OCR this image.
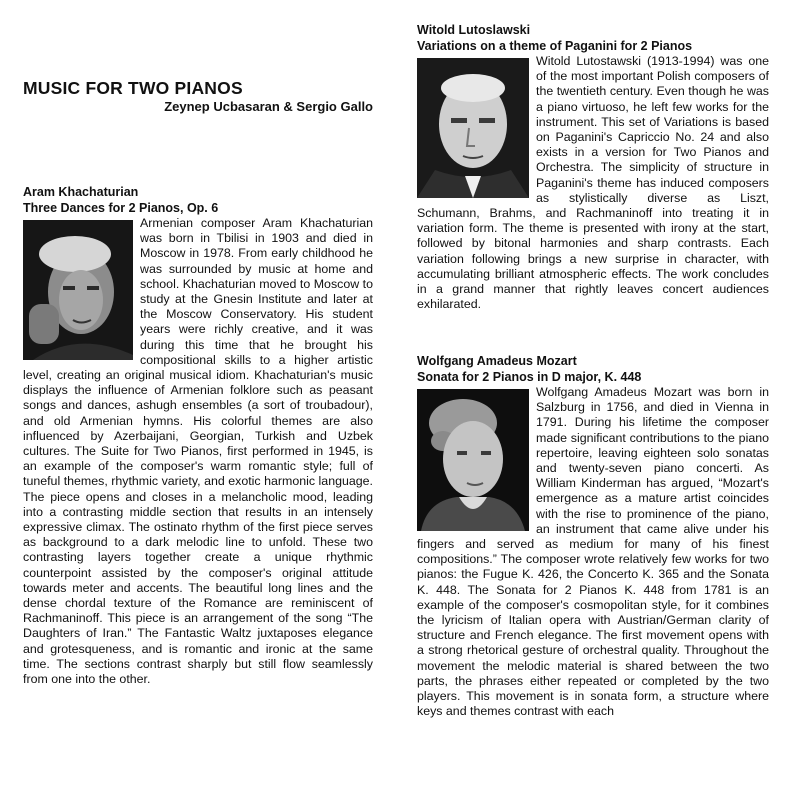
MUSIC FOR TWO PIANOS
Zeynep Ucbasaran & Sergio Gallo
Aram Khachaturian
Three Dances for 2 Pianos, Op. 6

Armenian composer Aram Khachaturian was born in Tbilisi in 1903 and died in Moscow in 1978. From early childhood he was surrounded by music at home and school. Khachaturian moved to Moscow to study at the Gnesin Institute and later at the Moscow Conservatory. His student years were richly creative, and it was during this time that he brought his compositional skills to a higher artistic level, creating an original musical idiom. Khachaturian's music displays the influence of Armenian folklore such as peasant songs and dances, ashugh ensembles (a sort of troubadour), and old Armenian hymns. His colorful themes are also influenced by Azerbaijani, Georgian, Turkish and Uzbek cultures. The Suite for Two Pianos, first performed in 1945, is an example of the composer's warm romantic style; full of tuneful themes, rhythmic variety, and exotic harmonic language. The piece opens and closes in a melancholic mood, leading into a contrasting middle section that results in an intensely expressive climax. The ostinato rhythm of the first piece serves as background to a dark melodic line to unfold. These two contrasting layers together create a unique rhythmic counterpoint assisted by the composer's original attitude towards meter and accents. The beautiful long lines and the dense chordal texture of the Romance are reminiscent of Rachmaninoff. This piece is an arrangement of the song “The Daughters of Iran.” The Fantastic Waltz juxtaposes elegance and grotesqueness, and is romantic and ironic at the same time. The sections contrast sharply but still flow seamlessly from one into the other.

Witold Lutoslawski
Variations on a theme of Paganini for 2 Pianos

Witold Lutostawski (1913-1994) was one of the most important Polish composers of the twentieth century. Even though he was a piano virtuoso, he left few works for the instrument. This set of Variations is based on Paganini's Capriccio No. 24 and also exists in a version for Two Pianos and Orchestra. The simplicity of structure in Paganini's theme has induced composers as stylistically diverse as Liszt, Schumann, Brahms, and Rachmaninoff into treating it in variation form. The theme is presented with irony at the start, followed by bitonal harmonies and sharp contrasts. Each variation following brings a new surprise in character, with accumulating brilliant atmospheric effects. The work concludes in a grand manner that rightly leaves concert audiences exhilarated.

Wolfgang Amadeus Mozart
Sonata for 2 Pianos in D major, K. 448

Wolfgang Amadeus Mozart was born in Salzburg in 1756, and died in Vienna in 1791. During his lifetime the composer made significant contributions to the piano repertoire, leaving eighteen solo sonatas and twenty-seven piano concerti. As William Kinderman has argued, “Mozart's emergence as a mature artist coincides with the rise to prominence of the piano, an instrument that came alive under his fingers and served as medium for many of his finest compositions.” The composer wrote relatively few works for two pianos: the Fugue K. 426, the Concerto K. 365 and the Sonata K. 448. The Sonata for 2 Pianos K. 448 from 1781 is an example of the composer's cosmopolitan style, for it combines the lyricism of Italian opera with Austrian/German clarity of structure and French elegance. The first movement opens with a strong rhetorical gesture of orchestral quality. Throughout the movement the melodic material is shared between the two parts, the phrases either repeated or completed by the two players. This movement is in sonata form, a structure where keys and themes contrast with each
